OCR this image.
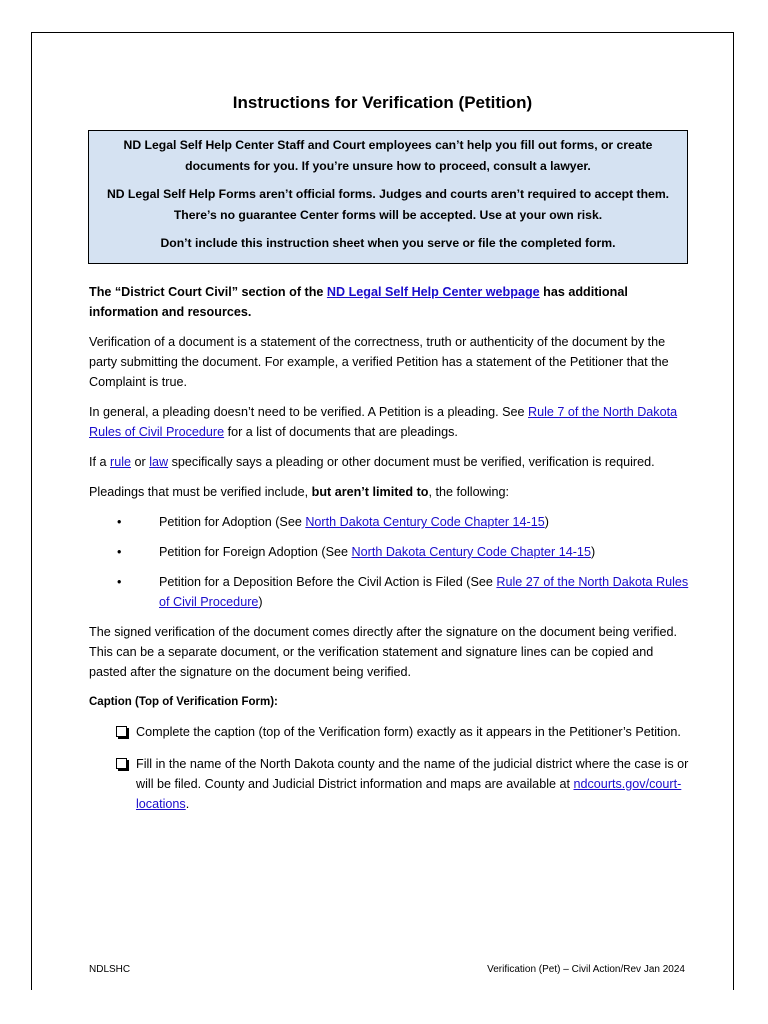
Instructions for Verification (Petition)

ND Legal Self Help Center Staff and Court employees can’t help you fill out forms, or create documents for you. If you’re unsure how to proceed, consult a lawyer.

ND Legal Self Help Forms aren’t official forms. Judges and courts aren’t required to accept them. There’s no guarantee Center forms will be accepted. Use at your own risk.

Don’t include this instruction sheet when you serve or file the completed form.

The “District Court Civil” section of the ND Legal Self Help Center webpage has additional information and resources.

Verification of a document is a statement of the correctness, truth or authenticity of the document by the party submitting the document. For example, a verified Petition has a statement of the Petitioner that the Complaint is true.

In general, a pleading doesn’t need to be verified. A Petition is a pleading. See Rule 7 of the North Dakota Rules of Civil Procedure for a list of documents that are pleadings.

If a rule or law specifically says a pleading or other document must be verified, verification is required.

Pleadings that must be verified include, but aren’t limited to, the following:

•	Petition for Adoption (See North Dakota Century Code Chapter 14-15)
•	Petition for Foreign Adoption (See North Dakota Century Code Chapter 14-15)
•	Petition for a Deposition Before the Civil Action is Filed (See Rule 27 of the North Dakota Rules of Civil Procedure)

The signed verification of the document comes directly after the signature on the document being verified. This can be a separate document, or the verification statement and signature lines can be copied and pasted after the signature on the document being verified.

Caption (Top of Verification Form):

Complete the caption (top of the Verification form) exactly as it appears in the Petitioner’s Petition.
Fill in the name of the North Dakota county and the name of the judicial district where the case is or will be filed. County and Judicial District information and maps are available at ndcourts.gov/court-locations.
NDLSHC	Verification (Pet) – Civil Action/Rev Jan 2024
